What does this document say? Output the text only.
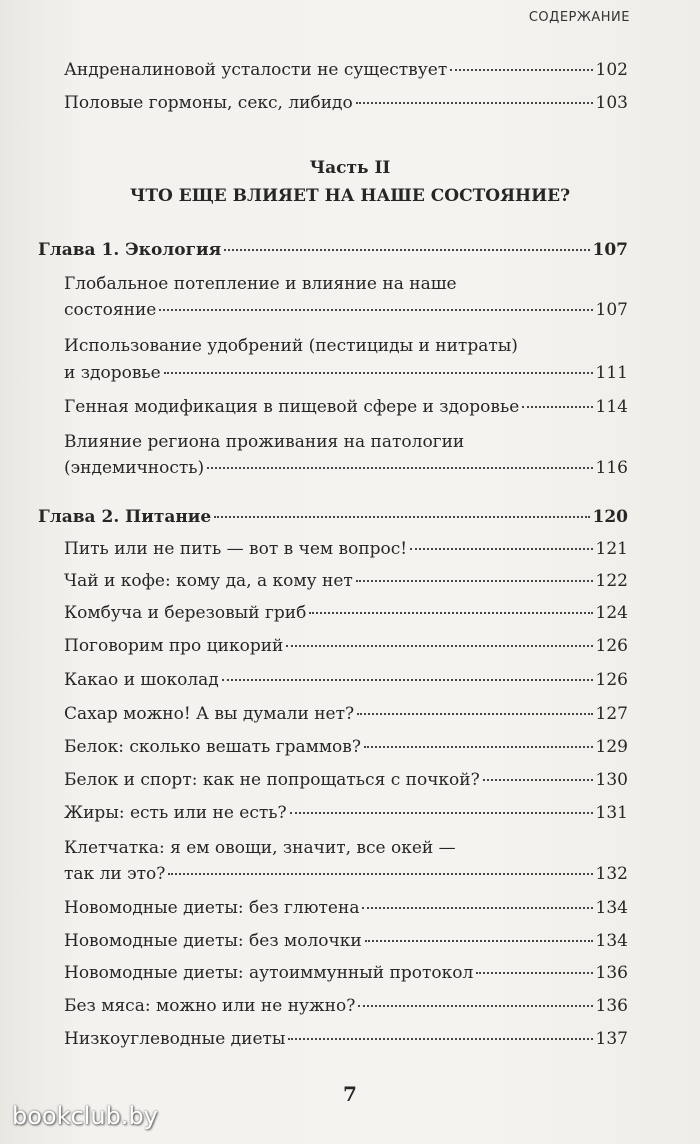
СОДЕРЖАНИЕ
Андреналиновой усталости не существует	102
Половые гормоны, секс, либидо	103
Часть II
ЧТО ЕЩЕ ВЛИЯЕТ НА НАШЕ СОСТОЯНИЕ?
Глава 1. Экология	107
Глобальное потепление и влияние на наше
состояние	107
Использование удобрений (пестициды и нитраты)
и здоровье	111
Генная модификация в пищевой сфере и здоровье	114
Влияние региона проживания на патологии
(эндемичность)	116
Глава 2. Питание	120
Пить или не пить — вот в чем вопрос!	121
Чай и кофе: кому да, а кому нет	122
Комбуча и березовый гриб	124
Поговорим про цикорий	126
Какао и шоколад	126
Сахар можно! А вы думали нет?	127
Белок: сколько вешать граммов?	129
Белок и спорт: как не попрощаться с почкой?	130
Жиры: есть или не есть?	131
Клетчатка: я ем овощи, значит, все окей —
так ли это?	132
Новомодные диеты: без глютена	134
Новомодные диеты: без молочки	134
Новомодные диеты: аутоиммунный протокол	136
Без мяса: можно или не нужно?	136
Низкоуглеводные диеты	137
7
bookclub.by
